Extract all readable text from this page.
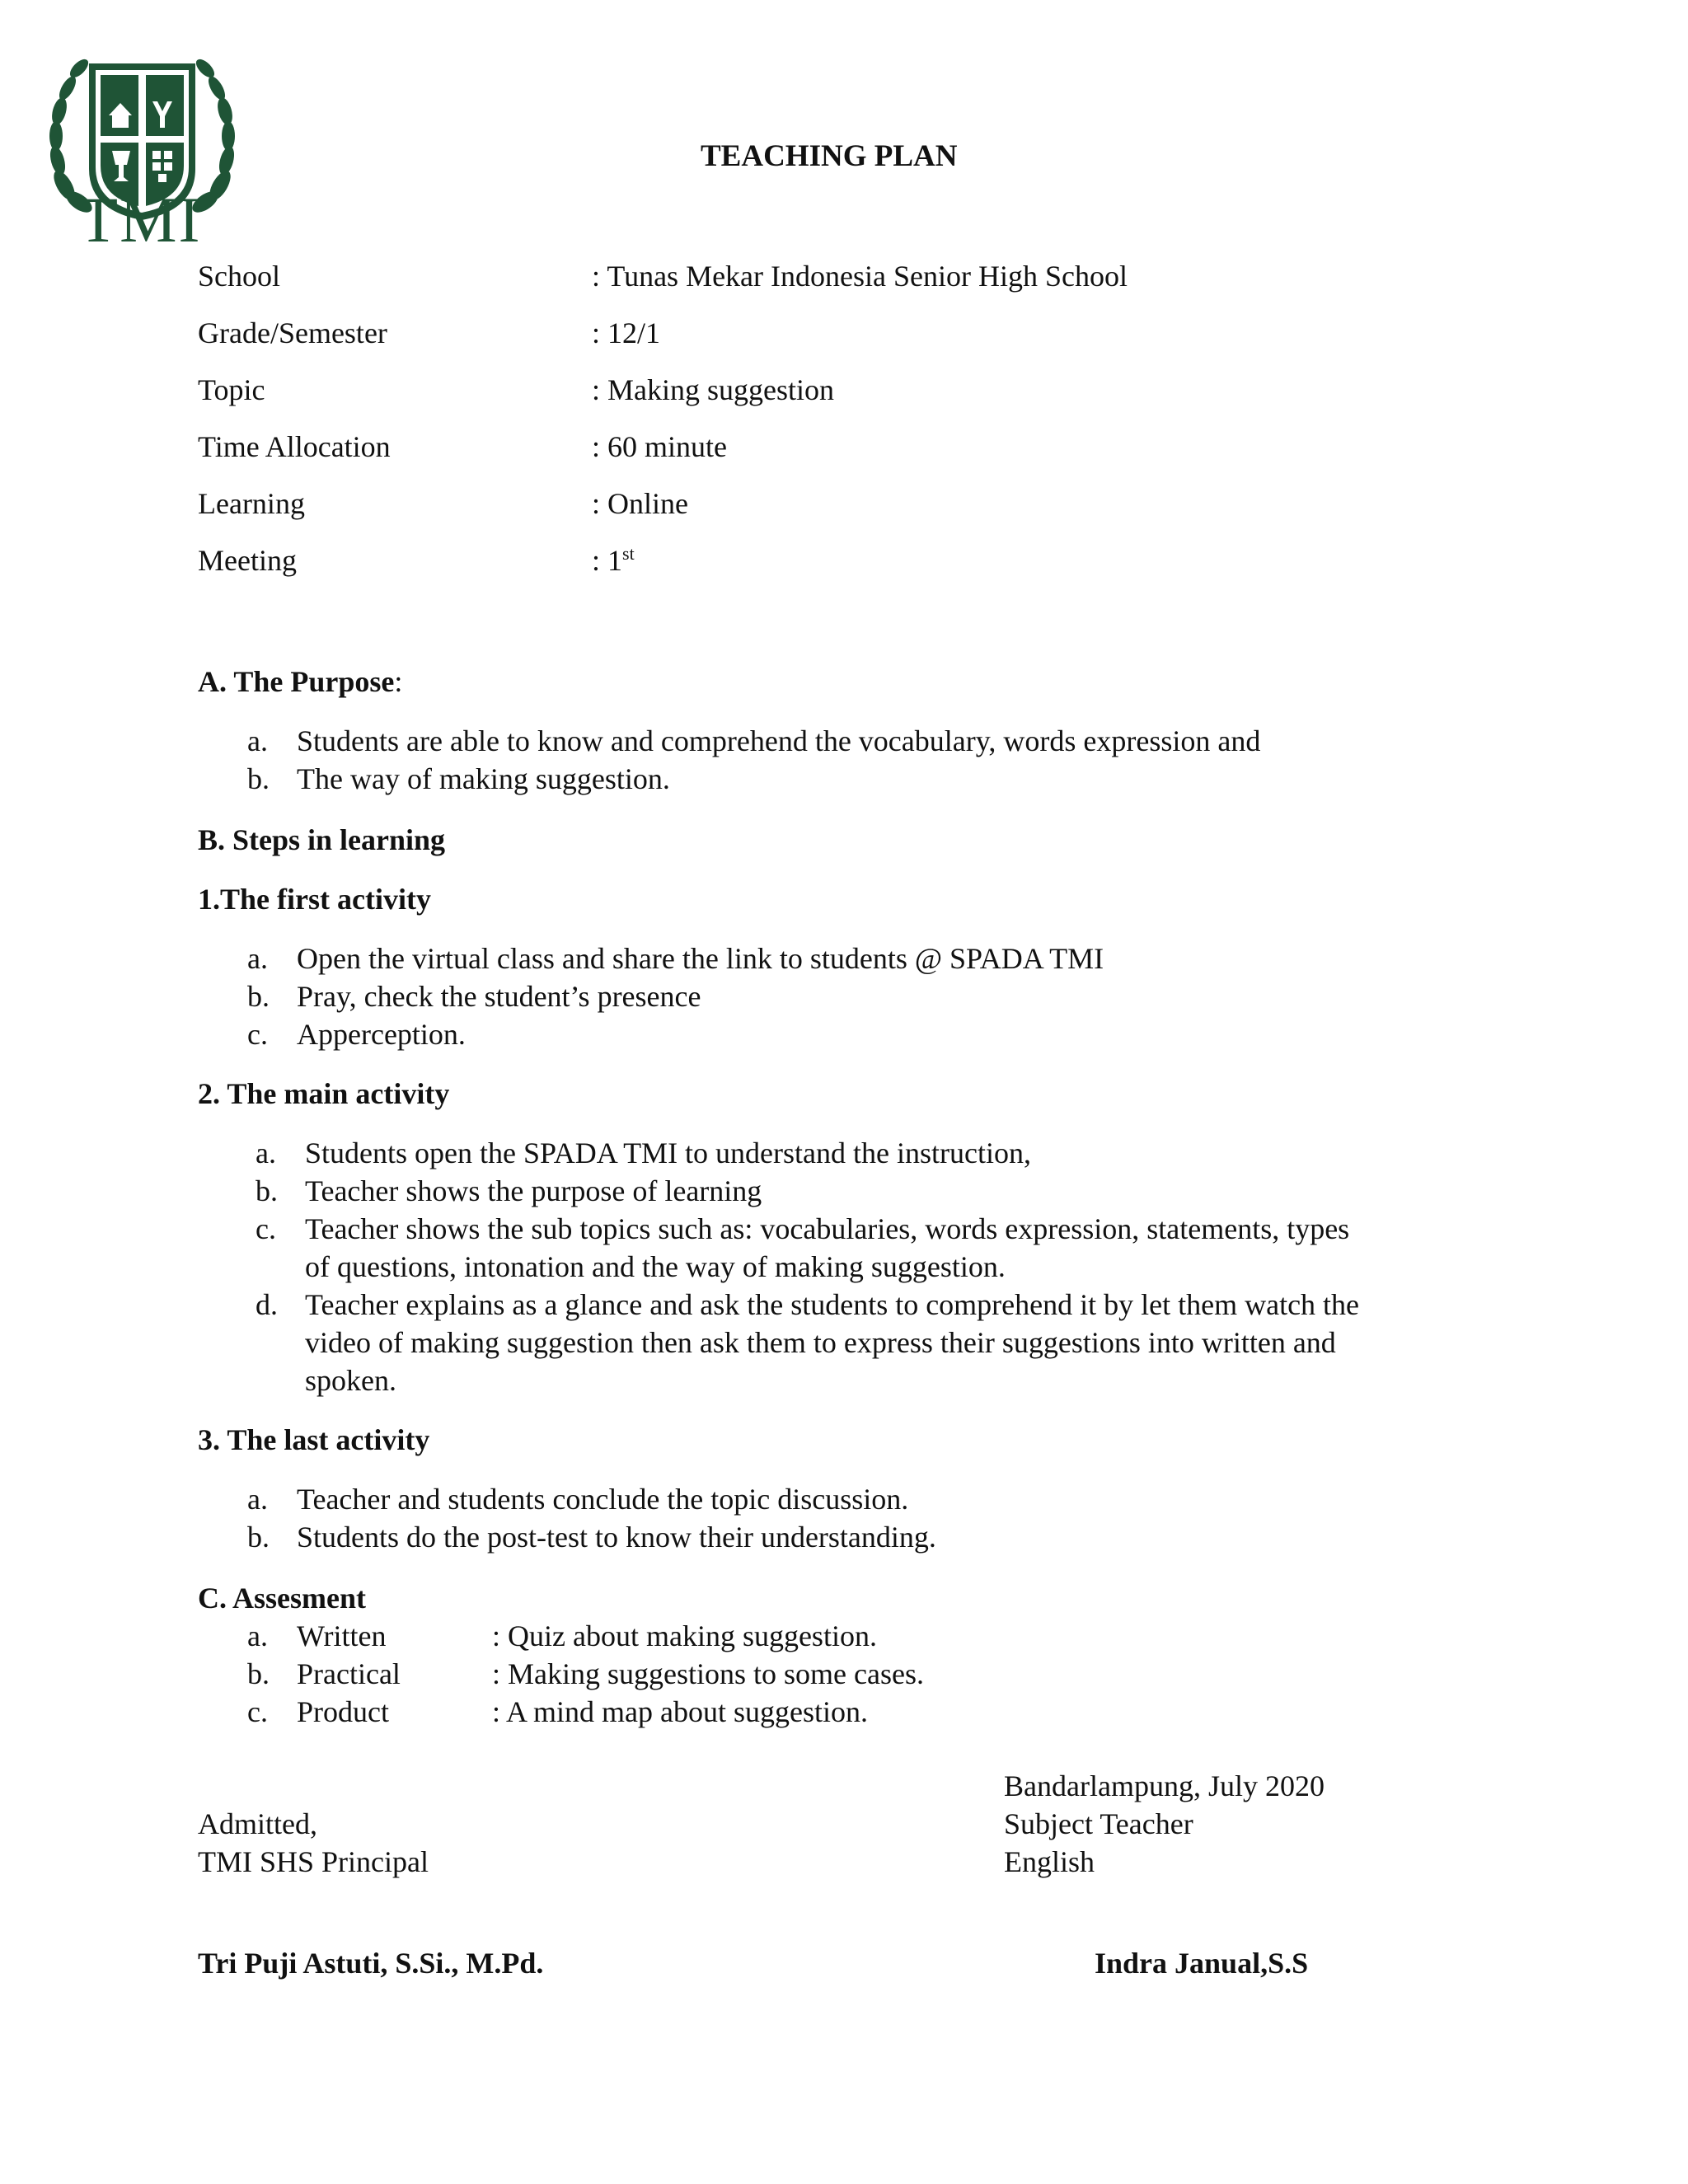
TMI
TEACHING PLAN
School	: Tunas Mekar Indonesia Senior High School
Grade/Semester	: 12/1
Topic	: Making suggestion
Time Allocation	: 60 minute
Learning	: Online
Meeting	: 1st
A. The Purpose:
a. Students are able to know and comprehend the vocabulary, words expression and
b. The way of making suggestion.
B. Steps in learning
1.The first activity
a. Open the virtual class and share the link to students @ SPADA TMI
b. Pray, check the student’s presence
c. Apperception.
2. The main activity
a. Students open the SPADA TMI to understand the instruction,
b. Teacher shows the purpose of learning
c. Teacher shows the sub topics such as: vocabularies, words expression, statements, types
of questions, intonation and the way of making suggestion.
d. Teacher explains as a glance and ask the students to comprehend it by let them watch the
video of making suggestion then ask them to express their suggestions into written and
spoken.
3. The last activity
a. Teacher and students conclude the topic discussion.
b. Students do the post-test to know their understanding.
C. Assesment
a. Written	: Quiz about making suggestion.
b. Practical	: Making suggestions to some cases.
c. Product	: A mind map about suggestion.
Bandarlampung, July 2020
Admitted,	Subject Teacher
TMI SHS Principal	English
Tri Puji Astuti, S.Si., M.Pd.	Indra Janual,S.S
